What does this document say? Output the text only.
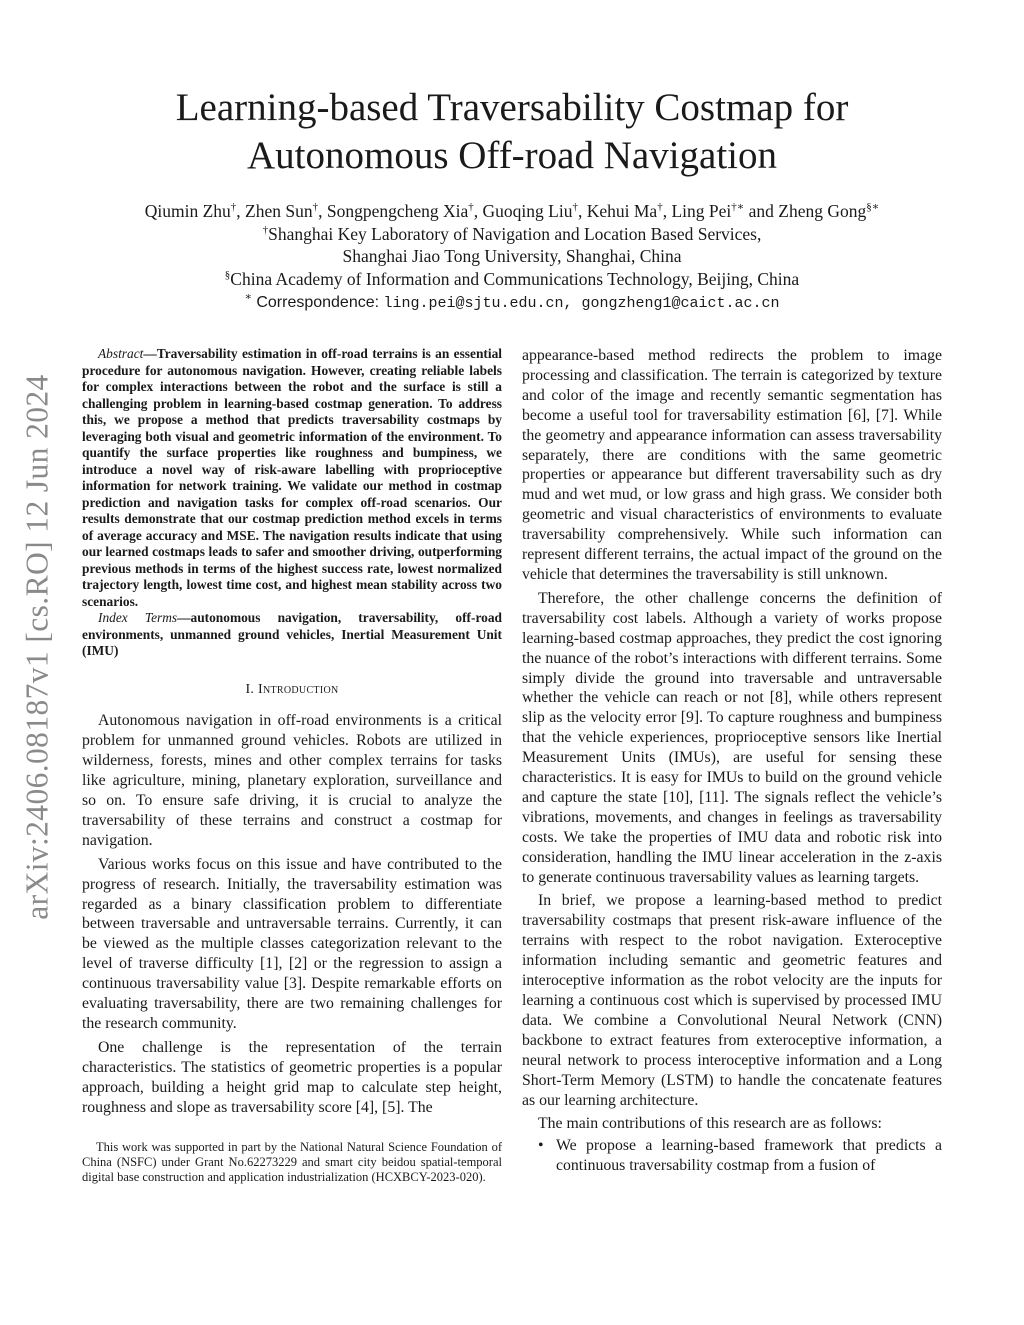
arXiv:2406.08187v1 [cs.RO] 12 Jun 2024
Learning-based Traversability Costmap for Autonomous Off-road Navigation
Qiumin Zhu†, Zhen Sun†, Songpengcheng Xia†, Guoqing Liu†, Kehui Ma†, Ling Pei†∗ and Zheng Gong§∗
†Shanghai Key Laboratory of Navigation and Location Based Services,
Shanghai Jiao Tong University, Shanghai, China
§China Academy of Information and Communications Technology, Beijing, China
∗ Correspondence: ling.pei@sjtu.edu.cn, gongzheng1@caict.ac.cn

Abstract—Traversability estimation in off-road terrains is an essential procedure for autonomous navigation. However, creating reliable labels for complex interactions between the robot and the surface is still a challenging problem in learning-based costmap generation. To address this, we propose a method that predicts traversability costmaps by leveraging both visual and geometric information of the environment. To quantify the surface properties like roughness and bumpiness, we introduce a novel way of risk-aware labelling with proprioceptive information for network training. We validate our method in costmap prediction and navigation tasks for complex off-road scenarios. Our results demonstrate that our costmap prediction method excels in terms of average accuracy and MSE. The navigation results indicate that using our learned costmaps leads to safer and smoother driving, outperforming previous methods in terms of the highest success rate, lowest normalized trajectory length, lowest time cost, and highest mean stability across two scenarios.

Index Terms—autonomous navigation, traversability, off-road environments, unmanned ground vehicles, Inertial Measurement Unit (IMU)

I. Introduction

Autonomous navigation in off-road environments is a critical problem for unmanned ground vehicles. Robots are utilized in wilderness, forests, mines and other complex terrains for tasks like agriculture, mining, planetary exploration, surveillance and so on. To ensure safe driving, it is crucial to analyze the traversability of these terrains and construct a costmap for navigation.

Various works focus on this issue and have contributed to the progress of research. Initially, the traversability estimation was regarded as a binary classification problem to differentiate between traversable and untraversable terrains. Currently, it can be viewed as the multiple classes categorization relevant to the level of traverse difficulty [1], [2] or the regression to assign a continuous traversability value [3]. Despite remarkable efforts on evaluating traversability, there are two remaining challenges for the research community.

One challenge is the representation of the terrain characteristics. The statistics of geometric properties is a popular approach, building a height grid map to calculate step height, roughness and slope as traversability score [4], [5]. The

This work was supported in part by the National Natural Science Foundation of China (NSFC) under Grant No.62273229 and smart city beidou spatial-temporal digital base construction and application industrialization (HCXBCY-2023-020).

appearance-based method redirects the problem to image processing and classification. The terrain is categorized by texture and color of the image and recently semantic segmentation has become a useful tool for traversability estimation [6], [7]. While the geometry and appearance information can assess traversability separately, there are conditions with the same geometric properties or appearance but different traversability such as dry mud and wet mud, or low grass and high grass. We consider both geometric and visual characteristics of environments to evaluate traversability comprehensively. While such information can represent different terrains, the actual impact of the ground on the vehicle that determines the traversability is still unknown.

Therefore, the other challenge concerns the definition of traversability cost labels. Although a variety of works propose learning-based costmap approaches, they predict the cost ignoring the nuance of the robot’s interactions with different terrains. Some simply divide the ground into traversable and untraversable whether the vehicle can reach or not [8], while others represent slip as the velocity error [9]. To capture roughness and bumpiness that the vehicle experiences, proprioceptive sensors like Inertial Measurement Units (IMUs), are useful for sensing these characteristics. It is easy for IMUs to build on the ground vehicle and capture the state [10], [11]. The signals reflect the vehicle’s vibrations, movements, and changes in feelings as traversability costs. We take the properties of IMU data and robotic risk into consideration, handling the IMU linear acceleration in the z-axis to generate continuous traversability values as learning targets.

In brief, we propose a learning-based method to predict traversability costmaps that present risk-aware influence of the terrains with respect to the robot navigation. Exteroceptive information including semantic and geometric features and interoceptive information as the robot velocity are the inputs for learning a continuous cost which is supervised by processed IMU data. We combine a Convolutional Neural Network (CNN) backbone to extract features from exteroceptive information, a neural network to process interoceptive information and a Long Short-Term Memory (LSTM) to handle the concatenate features as our learning architecture.

The main contributions of this research are as follows:

• We propose a learning-based framework that predicts a continuous traversability costmap from a fusion of
